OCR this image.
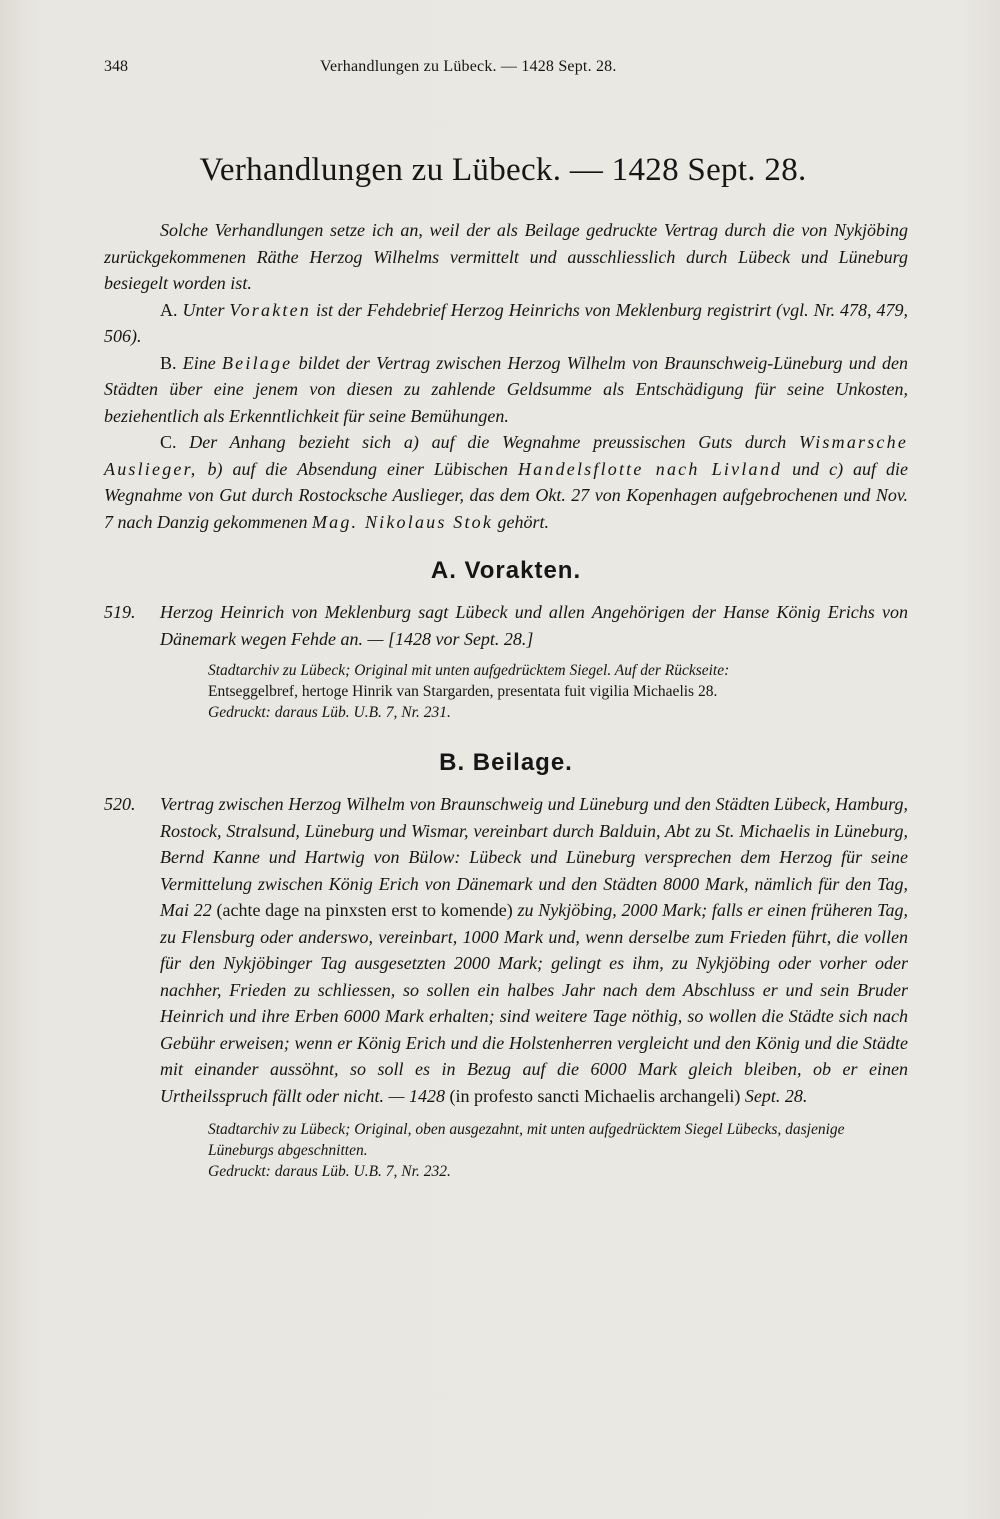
348	Verhandlungen zu Lübeck. — 1428 Sept. 28.
Verhandlungen zu Lübeck. — 1428 Sept. 28.

Solche Verhandlungen setze ich an, weil der als Beilage gedruckte Vertrag durch die von Nykjöbing zurückgekommenen Räthe Herzog Wilhelms vermittelt und ausschliesslich durch Lübeck und Lüneburg besiegelt worden ist.

A. Unter Vorakten ist der Fehdebrief Herzog Heinrichs von Meklenburg registrirt (vgl. Nr. 478, 479, 506).

B. Eine Beilage bildet der Vertrag zwischen Herzog Wilhelm von Braunschweig-Lüneburg und den Städten über eine jenem von diesen zu zahlende Geldsumme als Entschädigung für seine Unkosten, beziehentlich als Erkenntlichkeit für seine Bemühungen.

C. Der Anhang bezieht sich a) auf die Wegnahme preussischen Guts durch Wismarsche Auslieger, b) auf die Absendung einer Lübischen Handelsflotte nach Livland und c) auf die Wegnahme von Gut durch Rostocksche Auslieger, das dem Okt. 27 von Kopenhagen aufgebrochenen und Nov. 7 nach Danzig gekommenen Mag. Nikolaus Stok gehört.

A. Vorakten.
519.	Herzog Heinrich von Meklenburg sagt Lübeck und allen Angehörigen der Hanse König Erichs von Dänemark wegen Fehde an. — [1428 vor Sept. 28.]

Stadtarchiv zu Lübeck; Original mit unten aufgedrücktem Siegel. Auf der Rückseite:

Entseggelbref, hertoge Hinrik van Stargarden, presentata fuit vigilia Michaelis 28.

Gedruckt: daraus Lüb. U.B. 7, Nr. 231.

B. Beilage.
520.	Vertrag zwischen Herzog Wilhelm von Braunschweig und Lüneburg und den Städten Lübeck, Hamburg, Rostock, Stralsund, Lüneburg und Wismar, vereinbart durch Balduin, Abt zu St. Michaelis in Lüneburg, Bernd Kanne und Hartwig von Bülow: Lübeck und Lüneburg versprechen dem Herzog für seine Vermittelung zwischen König Erich von Dänemark und den Städten 8000 Mark, nämlich für den Tag, Mai 22 (achte dage na pinxsten erst to komende) zu Nykjöbing, 2000 Mark; falls er einen früheren Tag, zu Flensburg oder anderswo, vereinbart, 1000 Mark und, wenn derselbe zum Frieden führt, die vollen für den Nykjöbinger Tag ausgesetzten 2000 Mark; gelingt es ihm, zu Nykjöbing oder vorher oder nachher, Frieden zu schliessen, so sollen ein halbes Jahr nach dem Abschluss er und sein Bruder Heinrich und ihre Erben 6000 Mark erhalten; sind weitere Tage nöthig, so wollen die Städte sich nach Gebühr erweisen; wenn er König Erich und die Holstenherren vergleicht und den König und die Städte mit einander aussöhnt, so soll es in Bezug auf die 6000 Mark gleich bleiben, ob er einen Urtheilsspruch fällt oder nicht. — 1428 (in profesto sancti Michaelis archangeli) Sept. 28.

Stadtarchiv zu Lübeck; Original, oben ausgezahnt, mit unten aufgedrücktem Siegel Lübecks, dasjenige Lüneburgs abgeschnitten.

Gedruckt: daraus Lüb. U.B. 7, Nr. 232.
